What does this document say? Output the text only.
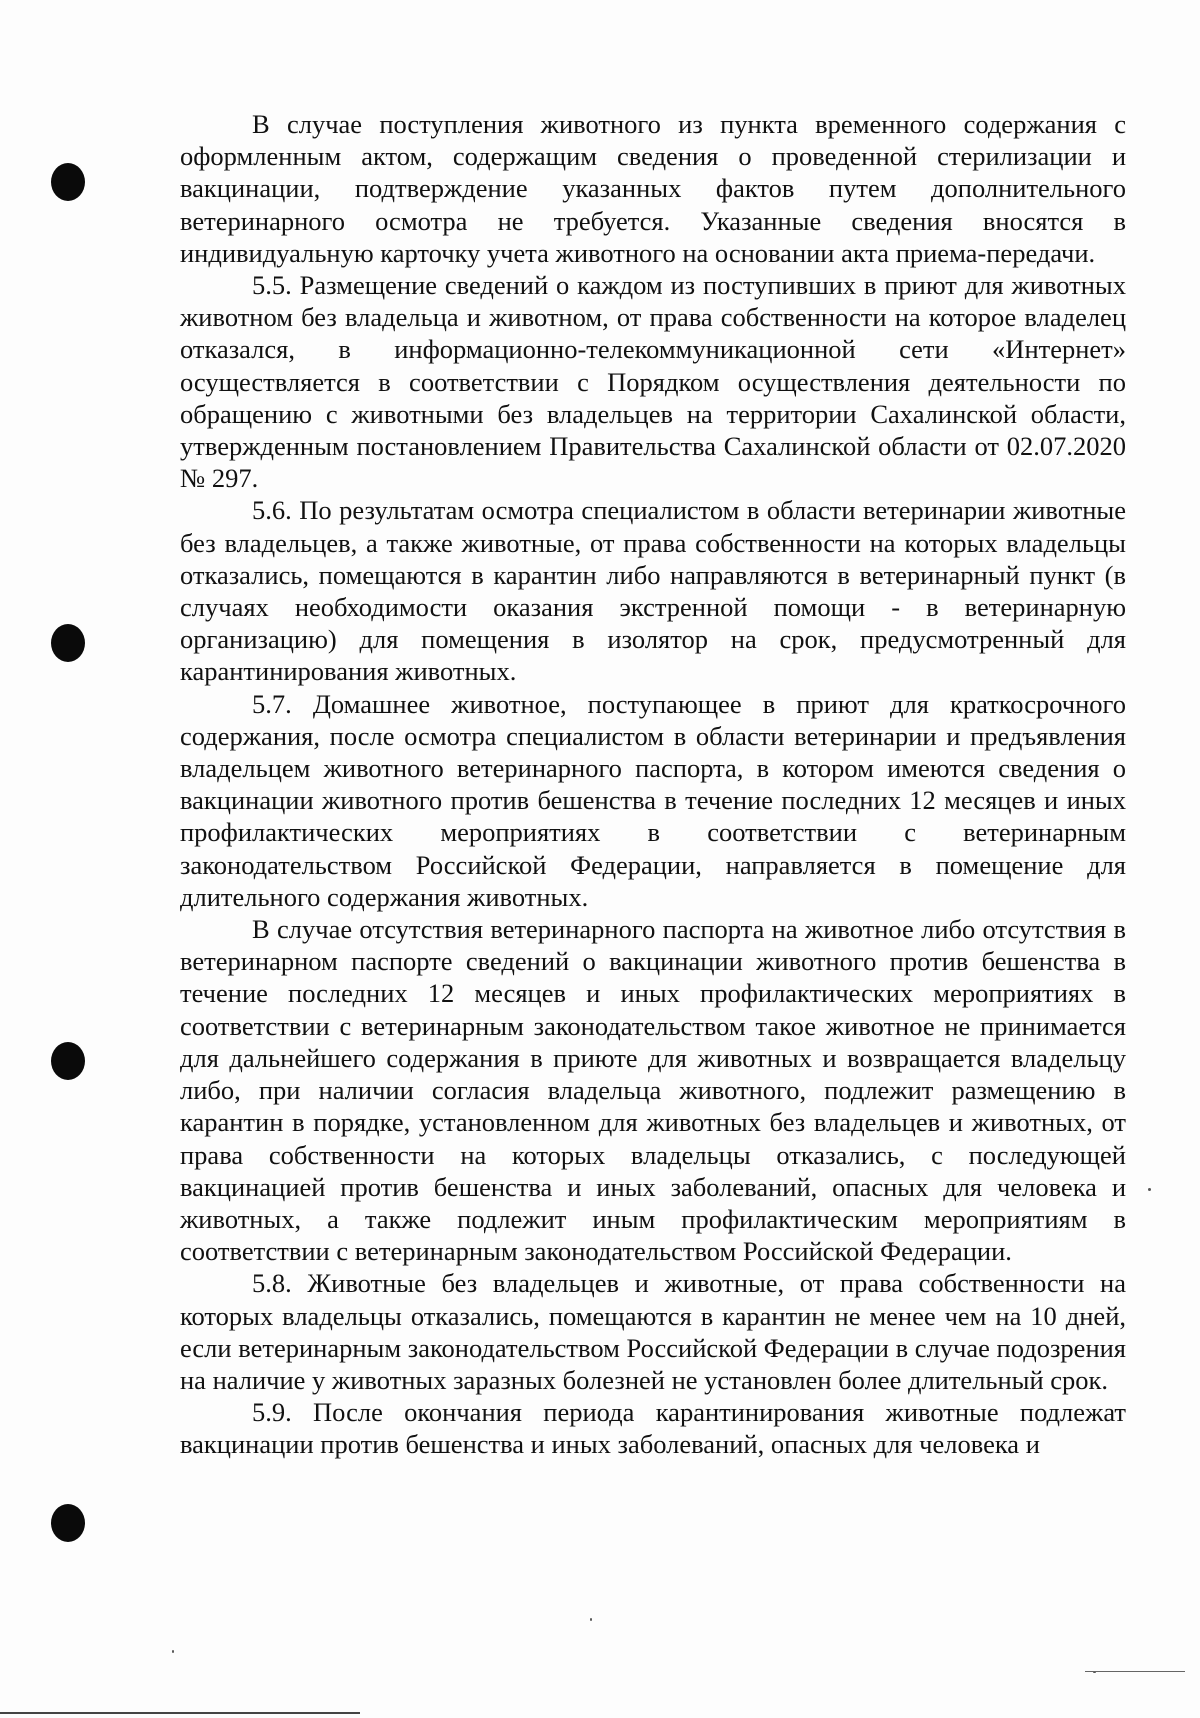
В случае поступления животного из пункта временного содержания с оформленным актом, содержащим сведения о проведенной стерилизации и вакцинации, подтверждение указанных фактов путем дополнительного ветеринарного осмотра не требуется. Указанные сведения вносятся в индивидуальную карточку учета животного на основании акта приема-передачи.

5.5. Размещение сведений о каждом из поступивших в приют для животных животном без владельца и животном, от права собственности на которое владелец отказался, в информационно-телекоммуникационной сети «Интернет» осуществляется в соответствии с Порядком осуществления деятельности по обращению с животными без владельцев на территории Сахалинской области, утвержденным постановлением Правительства Сахалинской области от 02.07.2020 № 297.

5.6. По результатам осмотра специалистом в области ветеринарии животные без владельцев, а также животные, от права собственности на которых владельцы отказались, помещаются в карантин либо направляются в ветеринарный пункт (в случаях необходимости оказания экстренной помощи - в ветеринарную организацию) для помещения в изолятор на срок, предусмотренный для карантинирования животных.

5.7. Домашнее животное, поступающее в приют для краткосрочного содержания, после осмотра специалистом в области ветеринарии и предъявления владельцем животного ветеринарного паспорта, в котором имеются сведения о вакцинации животного против бешенства в течение последних 12 месяцев и иных профилактических мероприятиях в соответствии с ветеринарным законодательством Российской Федерации, направляется в помещение для длительного содержания животных.

В случае отсутствия ветеринарного паспорта на животное либо отсутствия в ветеринарном паспорте сведений о вакцинации животного против бешенства в течение последних 12 месяцев и иных профилактических мероприятиях в соответствии с ветеринарным законодательством такое животное не принимается для дальнейшего содержания в приюте для животных и возвращается владельцу либо, при наличии согласия владельца животного, подлежит размещению в карантин в порядке, установленном для животных без владельцев и животных, от права собственности на которых владельцы отказались, с последующей вакцинацией против бешенства и иных заболеваний, опасных для человека и животных, а также подлежит иным профилактическим мероприятиям в соответствии с ветеринарным законодательством Российской Федерации.

5.8. Животные без владельцев и животные, от права собственности на которых владельцы отказались, помещаются в карантин не менее чем на 10 дней, если ветеринарным законодательством Российской Федерации в случае подозрения на наличие у животных заразных болезней не установлен более длительный срок.

5.9. После окончания периода карантинирования животные подлежат вакцинации против бешенства и иных заболеваний, опасных для человека и
